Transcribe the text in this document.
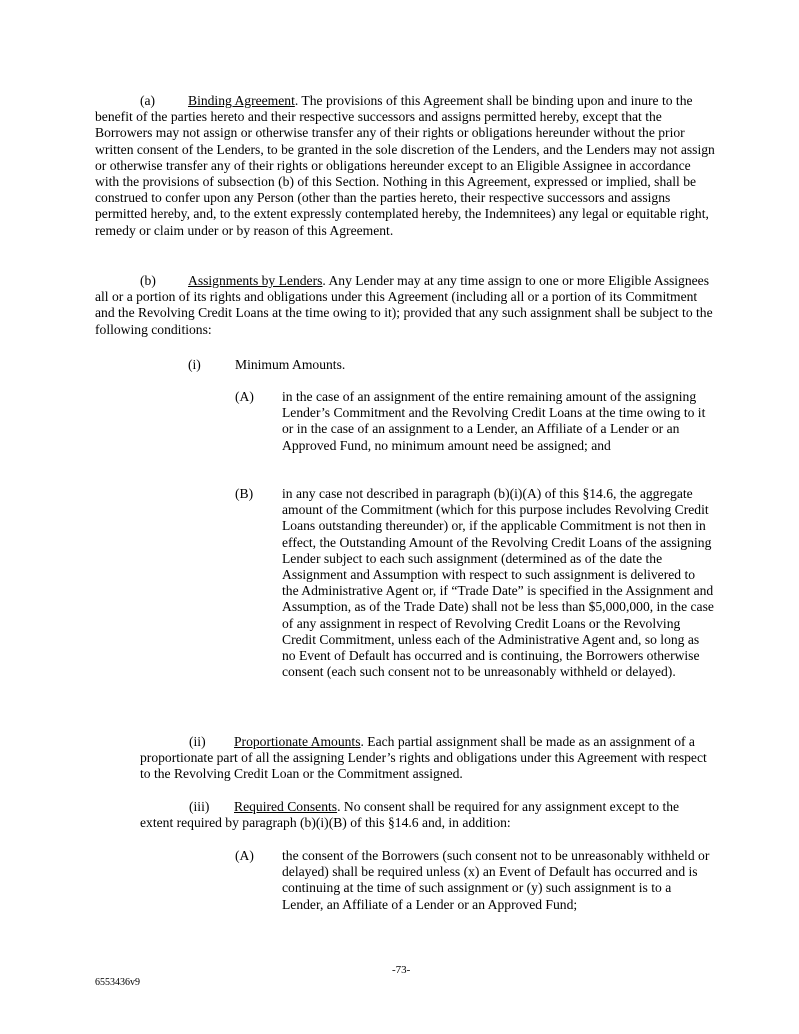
(a) Binding Agreement. The provisions of this Agreement shall be binding upon and inure to the benefit of the parties hereto and their respective successors and assigns permitted hereby, except that the Borrowers may not assign or otherwise transfer any of their rights or obligations hereunder without the prior written consent of the Lenders, to be granted in the sole discretion of the Lenders, and the Lenders may not assign or otherwise transfer any of their rights or obligations hereunder except to an Eligible Assignee in accordance with the provisions of subsection (b) of this Section. Nothing in this Agreement, expressed or implied, shall be construed to confer upon any Person (other than the parties hereto, their respective successors and assigns permitted hereby, and, to the extent expressly contemplated hereby, the Indemnitees) any legal or equitable right, remedy or claim under or by reason of this Agreement.

(b) Assignments by Lenders. Any Lender may at any time assign to one or more Eligible Assignees all or a portion of its rights and obligations under this Agreement (including all or a portion of its Commitment and the Revolving Credit Loans at the time owing to it); provided that any such assignment shall be subject to the following conditions:

(i)	Minimum Amounts.
(A) in the case of an assignment of the entire remaining amount of the assigning Lender’s Commitment and the Revolving Credit Loans at the time owing to it or in the case of an assignment to a Lender, an Affiliate of a Lender or an Approved Fund, no minimum amount need be assigned; and
(B) in any case not described in paragraph (b)(i)(A) of this §14.6, the aggregate amount of the Commitment (which for this purpose includes Revolving Credit Loans outstanding thereunder) or, if the applicable Commitment is not then in effect, the Outstanding Amount of the Revolving Credit Loans of the assigning Lender subject to each such assignment (determined as of the date the Assignment and Assumption with respect to such assignment is delivered to the Administrative Agent or, if “Trade Date” is specified in the Assignment and Assumption, as of the Trade Date) shall not be less than $5,000,000, in the case of any assignment in respect of Revolving Credit Loans or the Revolving Credit Commitment, unless each of the Administrative Agent and, so long as no Event of Default has occurred and is continuing, the Borrowers otherwise consent (each such consent not to be unreasonably withheld or delayed).

(ii) Proportionate Amounts. Each partial assignment shall be made as an assignment of a proportionate part of all the assigning Lender’s rights and obligations under this Agreement with respect to the Revolving Credit Loan or the Commitment assigned.

(iii) Required Consents. No consent shall be required for any assignment except to the extent required by paragraph (b)(i)(B) of this §14.6 and, in addition:

(A) the consent of the Borrowers (such consent not to be unreasonably withheld or delayed) shall be required unless (x) an Event of Default has occurred and is continuing at the time of such assignment or (y) such assignment is to a Lender, an Affiliate of a Lender or an Approved Fund;
-73-
6553436v9
